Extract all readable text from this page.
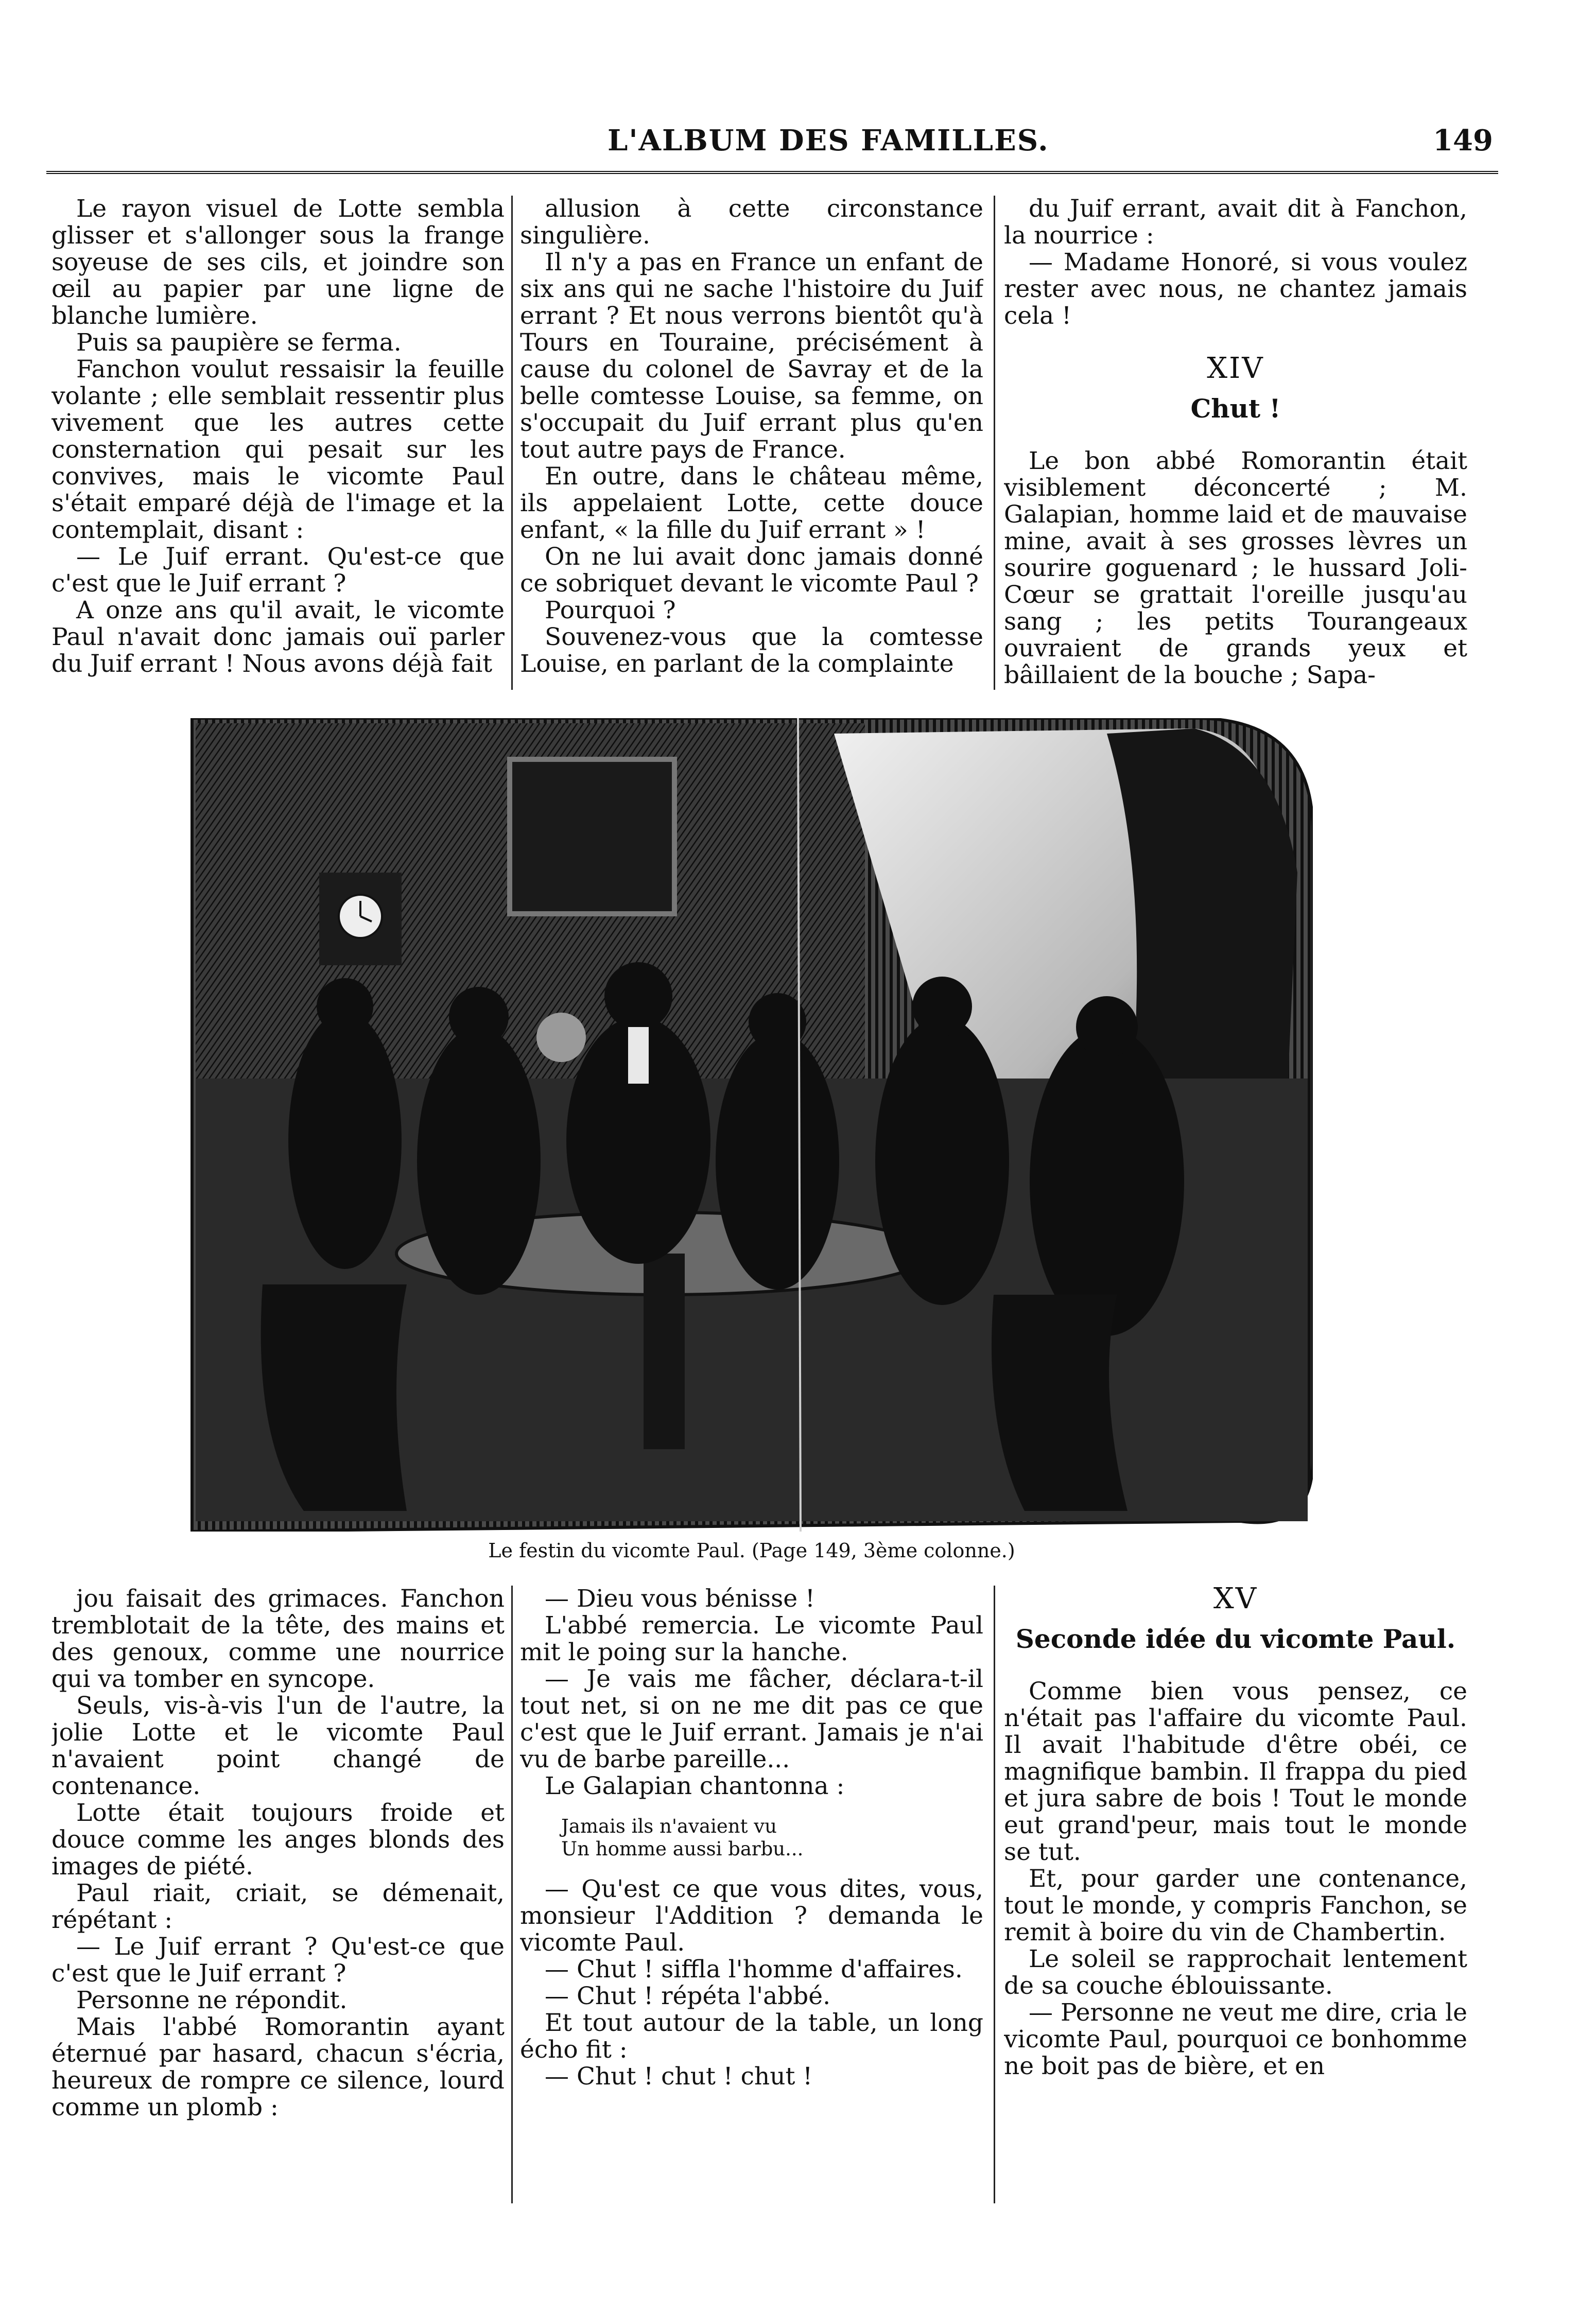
L'ALBUM DES FAMILLES.	149

Le rayon visuel de Lotte sembla glisser et s'allonger sous la frange soyeuse de ses cils, et joindre son œil au papier par une ligne de blanche lumière.

Puis sa paupière se ferma.

Fanchon voulut ressaisir la feuille volante ; elle semblait ressentir plus vivement que les autres cette consternation qui pesait sur les convives, mais le vicomte Paul s'était emparé déjà de l'image et la contemplait, disant :

— Le Juif errant. Qu'est-ce que c'est que le Juif errant ?

A onze ans qu'il avait, le vicomte Paul n'avait donc jamais ouï parler du Juif errant ! Nous avons déjà fait

allusion à cette circonstance singulière.

Il n'y a pas en France un enfant de six ans qui ne sache l'histoire du Juif errant ? Et nous verrons bientôt qu'à Tours en Touraine, précisément à cause du colonel de Savray et de la belle comtesse Louise, sa femme, on s'occupait du Juif errant plus qu'en tout autre pays de France.

En outre, dans le château même, ils appelaient Lotte, cette douce enfant, « la fille du Juif errant » !

On ne lui avait donc jamais donné ce sobriquet devant le vicomte Paul ?

Pourquoi ?

Souvenez-vous que la comtesse Louise, en parlant de la complainte

du Juif errant, avait dit à Fanchon, la nourrice :

— Madame Honoré, si vous voulez rester avec nous, ne chantez jamais cela !

XIV

Chut !

Le bon abbé Romorantin était visiblement déconcerté ; M. Galapian, homme laid et de mauvaise mine, avait à ses grosses lèvres un sourire goguenard ; le hussard Joli-Cœur se grattait l'oreille jusqu'au sang ; les petits Tourangeaux ouvraient de grands yeux et bâillaient de la bouche ; Sapa-

Le festin du vicomte Paul. (Page 149, 3ème colonne.)

jou faisait des grimaces. Fanchon tremblotait de la tête, des mains et des genoux, comme une nourrice qui va tomber en syncope.

Seuls, vis-à-vis l'un de l'autre, la jolie Lotte et le vicomte Paul n'avaient point changé de contenance.

Lotte était toujours froide et douce comme les anges blonds des images de piété.

Paul riait, criait, se démenait, répétant :

— Le Juif errant ? Qu'est-ce que c'est que le Juif errant ?

Personne ne répondit.

Mais l'abbé Romorantin ayant éternué par hasard, chacun s'écria, heureux de rompre ce silence, lourd comme un plomb :

— Dieu vous bénisse !

L'abbé remercia. Le vicomte Paul mit le poing sur la hanche.

— Je vais me fâcher, déclara-t-il tout net, si on ne me dit pas ce que c'est que le Juif errant. Jamais je n'ai vu de barbe pareille...

Le Galapian chantonna :

Jamais ils n'avaient vu
Un homme aussi barbu...

— Qu'est ce que vous dites, vous, monsieur l'Addition ? demanda le vicomte Paul.

— Chut ! siffla l'homme d'affaires.

— Chut ! répéta l'abbé.

Et tout autour de la table, un long écho fit :

— Chut ! chut ! chut !

XV

Seconde idée du vicomte Paul.

Comme bien vous pensez, ce n'était pas l'affaire du vicomte Paul. Il avait l'habitude d'être obéi, ce magnifique bambin. Il frappa du pied et jura sabre de bois ! Tout le monde eut grand'peur, mais tout le monde se tut.

Et, pour garder une contenance, tout le monde, y compris Fanchon, se remit à boire du vin de Chambertin.

Le soleil se rapprochait lentement de sa couche éblouissante.

— Personne ne veut me dire, cria le vicomte Paul, pourquoi ce bonhomme ne boit pas de bière, et en
